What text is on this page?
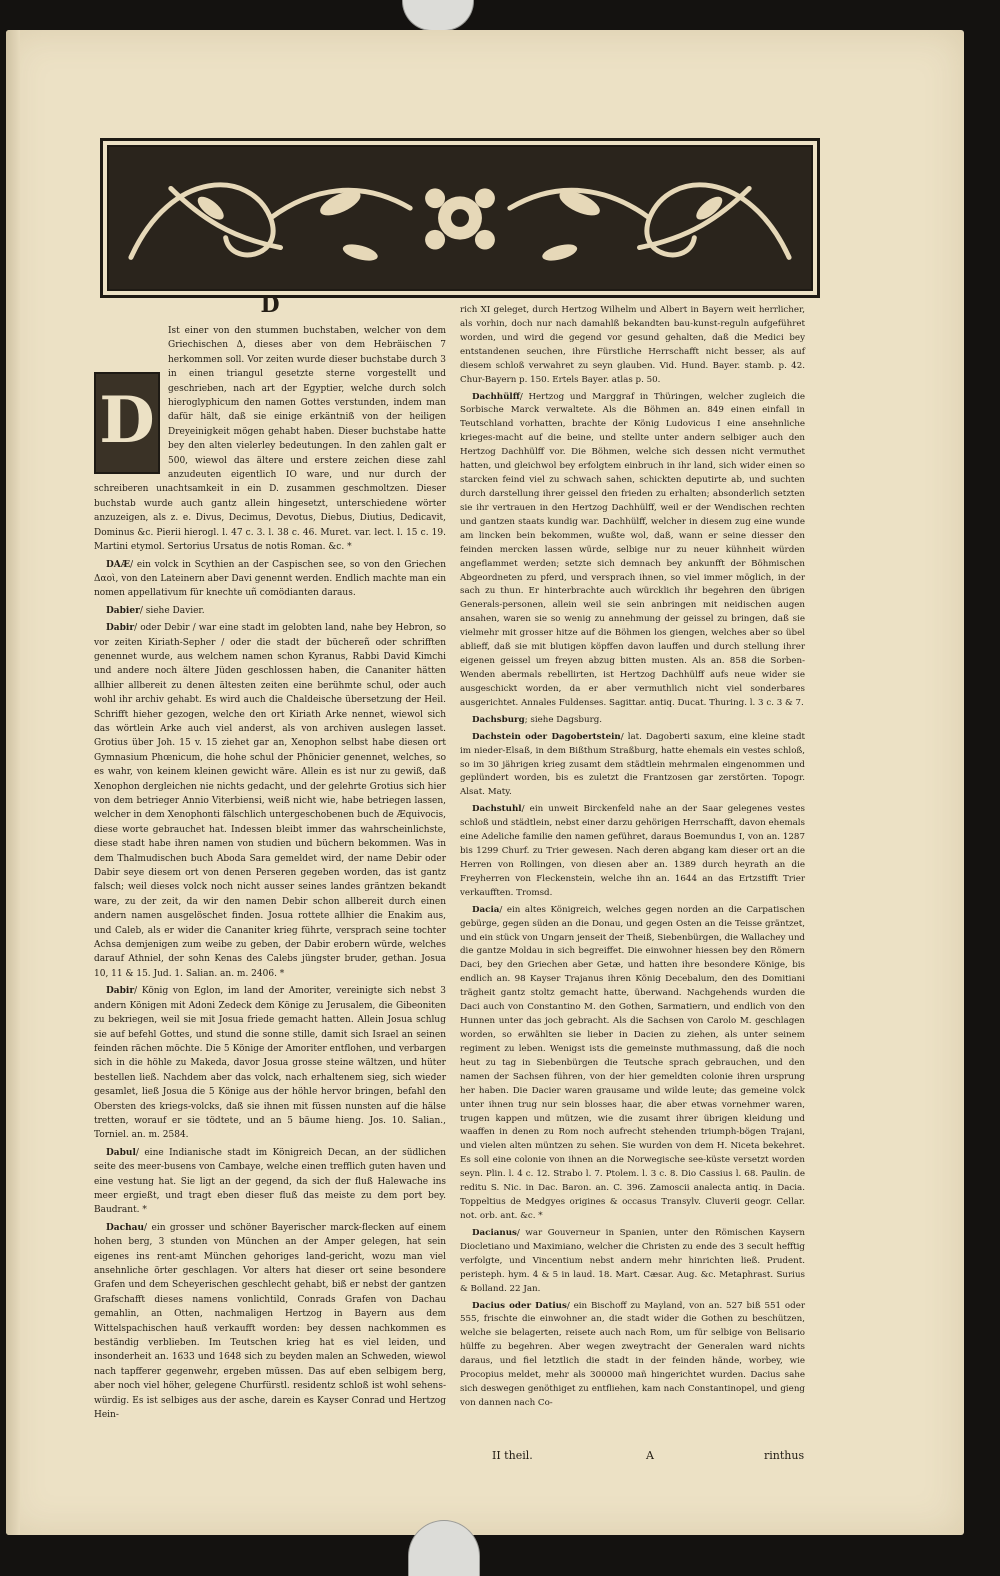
D
D

Ist einer von den stummen buchstaben, welcher von dem Griechischen Δ, dieses aber von dem Hebräischen 7 herkommen soll. Vor zeiten wurde dieser buchstabe durch 3 in einen triangul gesetzte sterne vorgestellt und geschrieben, nach art der Egyptier, welche durch solch hieroglyphicum den namen Gottes verstunden, indem man dafür hält, daß sie einige erkäntniß von der heiligen Dreyeinigkeit mögen gehabt haben. Dieser buchstabe hatte bey den alten vielerley bedeutungen. In den zahlen galt er 500, wiewol das ältere und erstere zeichen diese zahl anzudeuten eigentlich IO ware, und nur durch der schreiberen unachtsamkeit in ein D. zusammen geschmoltzen. Dieser buchstab wurde auch gantz allein hingesetzt, unterschiedene wörter anzuzeigen, als z. e. Divus, Decimus, Devotus, Diebus, Diutius, Dedicavit, Dominus &c. Pierii hierogl. l. 47 c. 3. l. 38 c. 46. Muret. var. lect. l. 15 c. 19. Martini etymol. Sertorius Ursatus de notis Roman. &c. *

DAÆ/ ein volck in Scythien an der Caspischen see, so von den Griechen Δαοὶ, von den Lateinern aber Davi genennt werden. Endlich machte man ein nomen appellativum für knechte uñ comödianten daraus.

Dabier/ siehe Davier.

Dabir/ oder Debir / war eine stadt im gelobten land, nahe bey Hebron, so vor zeiten Kiriath-Sepher / oder die stadt der büchereñ oder schrifften genennet wurde, aus welchem namen schon Kyranus, Rabbi David Kimchi und andere noch ältere Jüden geschlossen haben, die Cananiter hätten allhier allbereit zu denen ältesten zeiten eine berühmte schul, oder auch wohl ihr archiv gehabt. Es wird auch die Chaldeische übersetzung der Heil. Schrifft hieher gezogen, welche den ort Kiriath Arke nennet, wiewol sich das wörtlein Arke auch viel anderst, als von archiven auslegen lasset. Grotius über Joh. 15 v. 15 ziehet gar an, Xenophon selbst habe diesen ort Gymnasium Phœnicum, die hohe schul der Phönicier genennet, welches, so es wahr, von keinem kleinen gewicht wäre. Allein es ist nur zu gewiß, daß Xenophon dergleichen nie nichts gedacht, und der gelehrte Grotius sich hier von dem betrieger Annio Viterbiensi, weiß nicht wie, habe betriegen lassen, welcher in dem Xenophonti fälschlich untergeschobenen buch de Æquivocis, diese worte gebrauchet hat. Indessen bleibt immer das wahrscheinlichste, diese stadt habe ihren namen von studien und büchern bekommen. Was in dem Thalmudischen buch Aboda Sara gemeldet wird, der name Debir oder Dabir seye diesem ort von denen Perseren gegeben worden, das ist gantz falsch; weil dieses volck noch nicht ausser seines landes gräntzen bekandt ware, zu der zeit, da wir den namen Debir schon allbereit durch einen andern namen ausgelöschet finden. Josua rottete allhier die Enakim aus, und Caleb, als er wider die Cananiter krieg führte, versprach seine tochter Achsa demjenigen zum weibe zu geben, der Dabir erobern würde, welches darauf Athniel, der sohn Kenas des Calebs jüngster bruder, gethan. Josua 10, 11 & 15. Jud. 1. Salian. an. m. 2406. *

Dabir/ König von Eglon, im land der Amoriter, vereinigte sich nebst 3 andern Königen mit Adoni Zedeck dem Könige zu Jerusalem, die Gibeoniten zu bekriegen, weil sie mit Josua friede gemacht hatten. Allein Josua schlug sie auf befehl Gottes, und stund die sonne stille, damit sich Israel an seinen feinden rächen möchte. Die 5 Könige der Amoriter entflohen, und verbargen sich in die höhle zu Makeda, davor Josua grosse steine wältzen, und hüter bestellen ließ. Nachdem aber das volck, nach erhaltenem sieg, sich wieder gesamlet, ließ Josua die 5 Könige aus der höhle hervor bringen, befahl den Obersten des kriegs-volcks, daß sie ihnen mit füssen nunsten auf die hälse tretten, worauf er sie tödtete, und an 5 bäume hieng. Jos. 10. Salian., Torniel. an. m. 2584.

Dabul/ eine Indianische stadt im Königreich Decan, an der südlichen seite des meer-busens von Cambaye, welche einen trefflich guten haven und eine vestung hat. Sie ligt an der gegend, da sich der fluß Halewache ins meer ergießt, und tragt eben dieser fluß das meiste zu dem port bey. Baudrant. *

Dachau/ ein grosser und schöner Bayerischer marck-flecken auf einem hohen berg, 3 stunden von München an der Amper gelegen, hat sein eigenes ins rent-amt München gehoriges land-gericht, wozu man viel ansehnliche örter geschlagen. Vor alters hat dieser ort seine besondere Grafen und dem Scheyerischen geschlecht gehabt, biß er nebst der gantzen Grafschafft dieses namens vonlichtild, Conrads Grafen von Dachau gemahlin, an Otten, nachmaligen Hertzog in Bayern aus dem Wittelspachischen hauß verkaufft worden: bey dessen nachkommen es beständig verblieben. Im Teutschen krieg hat es viel leiden, und insonderheit an. 1633 und 1648 sich zu beyden malen an Schweden, wiewol nach tapfferer gegenwehr, ergeben müssen. Das auf eben selbigem berg, aber noch viel höher, gelegene Churfürstl. residentz schloß ist wohl sehens-würdig. Es ist selbiges aus der asche, darein es Kayser Conrad und Hertzog Hein-

rich XI geleget, durch Hertzog Wilhelm und Albert in Bayern weit herrlicher, als vorhin, doch nur nach damahlß bekandten bau-kunst-reguln aufgeführet worden, und wird die gegend vor gesund gehalten, daß die Medici bey entstandenen seuchen, ihre Fürstliche Herrschafft nicht besser, als auf diesem schloß verwahret zu seyn glauben. Vid. Hund. Bayer. stamb. p. 42. Chur-Bayern p. 150. Ertels Bayer. atlas p. 50.

Dachhülff/ Hertzog und Marggraf in Thüringen, welcher zugleich die Sorbische Marck verwaltete. Als die Böhmen an. 849 einen einfall in Teutschland vorhatten, brachte der König Ludovicus I eine ansehnliche krieges-macht auf die beine, und stellte unter andern selbiger auch den Hertzog Dachhülff vor. Die Böhmen, welche sich dessen nicht vermuthet hatten, und gleichwol bey erfolgtem einbruch in ihr land, sich wider einen so starcken feind viel zu schwach sahen, schickten deputirte ab, und suchten durch darstellung ihrer geissel den frieden zu erhalten; absonderlich setzten sie ihr vertrauen in den Hertzog Dachhülff, weil er der Wendischen rechten und gantzen staats kundig war. Dachhülff, welcher in diesem zug eine wunde am lincken bein bekommen, wußte wol, daß, wann er seine diesser den feinden mercken lassen würde, selbige nur zu neuer kühnheit würden angeflammet werden; setzte sich demnach bey ankunfft der Böhmischen Abgeordneten zu pferd, und versprach ihnen, so viel immer möglich, in der sach zu thun. Er hinterbrachte auch würcklich ihr begehren den übrigen Generals-personen, allein weil sie sein anbringen mit neidischen augen ansahen, waren sie so wenig zu annehmung der geissel zu bringen, daß sie vielmehr mit grosser hitze auf die Böhmen los giengen, welches aber so übel ablieff, daß sie mit blutigen köpffen davon lauffen und durch stellung ihrer eigenen geissel um freyen abzug bitten musten. Als an. 858 die Sorben-Wenden abermals rebellirten, ist Hertzog Dachhülff aufs neue wider sie ausgeschickt worden, da er aber vermuthlich nicht viel sonderbares ausgerichtet. Annales Fuldenses. Sagittar. antiq. Ducat. Thuring. l. 3 c. 3 & 7.

Dachsburg; siehe Dagsburg.

Dachstein oder Dagobertstein/ lat. Dagoberti saxum, eine kleine stadt im nieder-Elsaß, in dem Bißthum Straßburg, hatte ehemals ein vestes schloß, so im 30 jährigen krieg zusamt dem städtlein mehrmalen eingenommen und geplündert worden, bis es zuletzt die Frantzosen gar zerstörten. Topogr. Alsat. Maty.

Dachstuhl/ ein unweit Birckenfeld nahe an der Saar gelegenes vestes schloß und städtlein, nebst einer darzu gehörigen Herrschafft, davon ehemals eine Adeliche familie den namen geführet, daraus Boemundus I, von an. 1287 bis 1299 Churf. zu Trier gewesen. Nach deren abgang kam dieser ort an die Herren von Rollingen, von diesen aber an. 1389 durch heyrath an die Freyherren von Fleckenstein, welche ihn an. 1644 an das Ertzstifft Trier verkaufften. Tromsd.

Dacia/ ein altes Königreich, welches gegen norden an die Carpatischen gebürge, gegen süden an die Donau, und gegen Osten an die Teisse gräntzet, und ein stück von Ungarn jenseit der Theiß, Siebenbürgen, die Wallachey und die gantze Moldau in sich begreiffet. Die einwohner hiessen bey den Römern Daci, bey den Griechen aber Getæ, und hatten ihre besondere Könige, bis endlich an. 98 Kayser Trajanus ihren König Decebalum, den des Domitiani trägheit gantz stoltz gemacht hatte, überwand. Nachgehends wurden die Daci auch von Constantino M. den Gothen, Sarmatiern, und endlich von den Hunnen unter das joch gebracht. Als die Sachsen von Carolo M. geschlagen worden, so erwählten sie lieber in Dacien zu ziehen, als unter seinem regiment zu leben. Wenigst ists die gemeinste muthmassung, daß die noch heut zu tag in Siebenbürgen die Teutsche sprach gebrauchen, und den namen der Sachsen führen, von der hier gemeldten colonie ihren ursprung her haben. Die Dacier waren grausame und wilde leute; das gemeine volck unter ihnen trug nur sein blosses haar, die aber etwas vornehmer waren, trugen kappen und mützen, wie die zusamt ihrer übrigen kleidung und waaffen in denen zu Rom noch aufrecht stehenden triumph-bögen Trajani, und vielen alten müntzen zu sehen. Sie wurden von dem H. Niceta bekehret. Es soll eine colonie von ihnen an die Norwegische see-küste versetzt worden seyn. Plin. l. 4 c. 12. Strabo l. 7. Ptolem. l. 3 c. 8. Dio Cassius l. 68. Paulin. de reditu S. Nic. in Dac. Baron. an. C. 396. Zamoscii analecta antiq. in Dacia. Toppeltius de Medgyes origines & occasus Transylv. Cluverii geogr. Cellar. not. orb. ant. &c. *

Dacianus/ war Gouverneur in Spanien, unter den Römischen Kaysern Diocletiano und Maximiano, welcher die Christen zu ende des 3 secult hefftig verfolgte, und Vincentium nebst andern mehr hinrichten ließ. Prudent. peristeph. hym. 4 & 5 in laud. 18. Mart. Cæsar. Aug. &c. Metaphrast. Surius & Bolland. 22 Jan.

Dacius oder Datius/ ein Bischoff zu Mayland, von an. 527 biß 551 oder 555, frischte die einwohner an, die stadt wider die Gothen zu beschützen, welche sie belagerten, reisete auch nach Rom, um für selbige von Belisario hülffe zu begehren. Aber wegen zweytracht der Generalen ward nichts daraus, und fiel letztlich die stadt in der feinden hände, worbey, wie Procopius meldet, mehr als 300000 mañ hingerichtet wurden. Dacius sahe sich deswegen genöthiget zu entfliehen, kam nach Constantinopel, und gieng von dannen nach Co-

II theil.	A	rinthus
